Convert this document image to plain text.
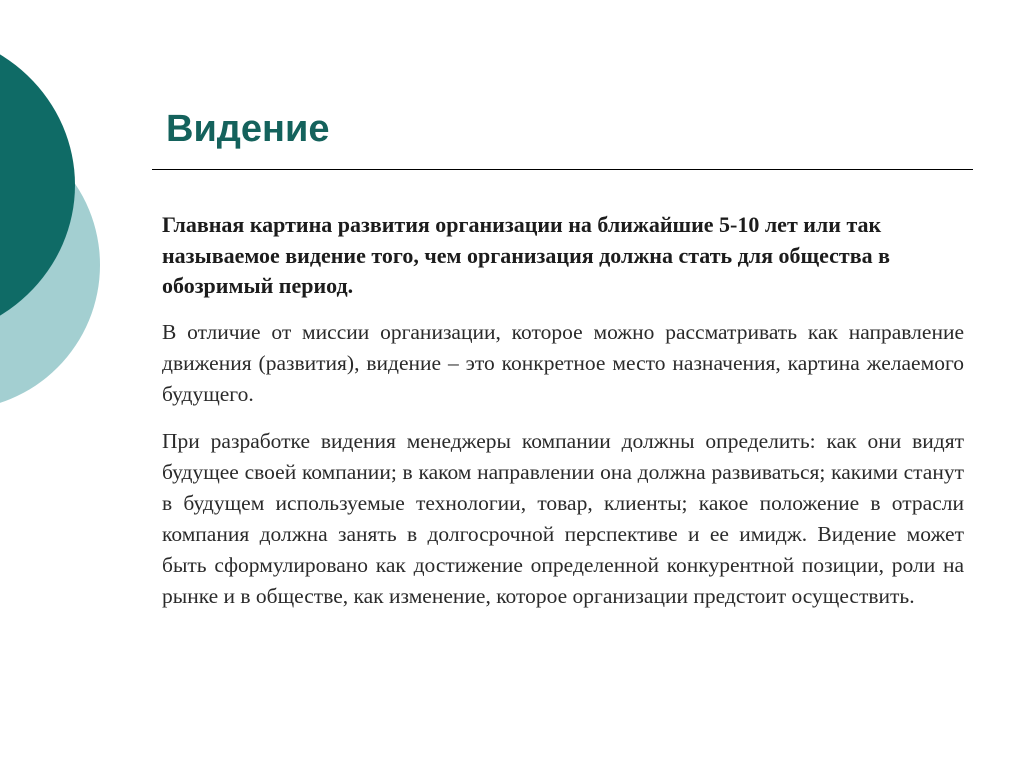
Видение

Главная картина развития организации на ближайшие 5-10 лет или так называемое видение того, чем организация должна стать для общества в обозримый период.

В отличие от миссии организации, которое можно рассматривать как направление движения (развития), видение – это конкретное место назначения, картина желаемого будущего.

При разработке видения менеджеры компании должны определить: как они видят будущее своей компании; в каком направлении она должна развиваться; какими станут в будущем используемые технологии, товар, клиенты; какое положение в отрасли компания должна занять в долгосрочной перспективе и ее имидж. Видение может быть сформулировано как достижение определенной конкурентной позиции, роли на рынке и в обществе, как изменение, которое организации предстоит осуществить.
